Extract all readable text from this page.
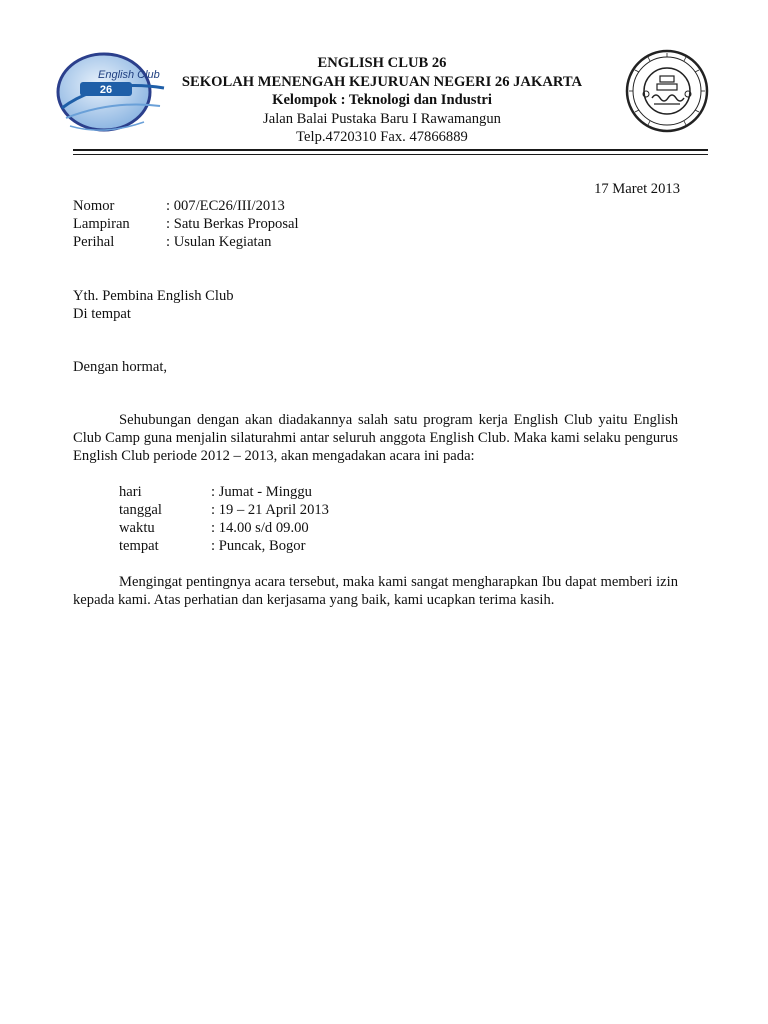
English Club
26
ENGLISH CLUB 26
SEKOLAH MENENGAH KEJURUAN NEGERI 26 JAKARTA
Kelompok : Teknologi dan Industri
Jalan Balai Pustaka Baru I Rawamangun
Telp.4720310 Fax. 47866889
17 Maret 2013
Nomor	: 007/EC26/III/2013
Lampiran	: Satu Berkas Proposal
Perihal	: Usulan Kegiatan
Yth. Pembina English Club
Di tempat
Dengan hormat,
Sehubungan dengan akan diadakannya salah satu program kerja English Club yaitu English Club Camp guna menjalin silaturahmi antar seluruh anggota English Club. Maka kami selaku pengurus English Club periode 2012 – 2013, akan mengadakan acara ini pada:
hari	: Jumat - Minggu
tanggal	: 19 – 21 April 2013
waktu	: 14.00 s/d 09.00
tempat	: Puncak, Bogor
Mengingat pentingnya acara tersebut, maka kami sangat mengharapkan Ibu dapat memberi izin kepada kami. Atas perhatian dan kerjasama yang baik, kami ucapkan terima kasih.
